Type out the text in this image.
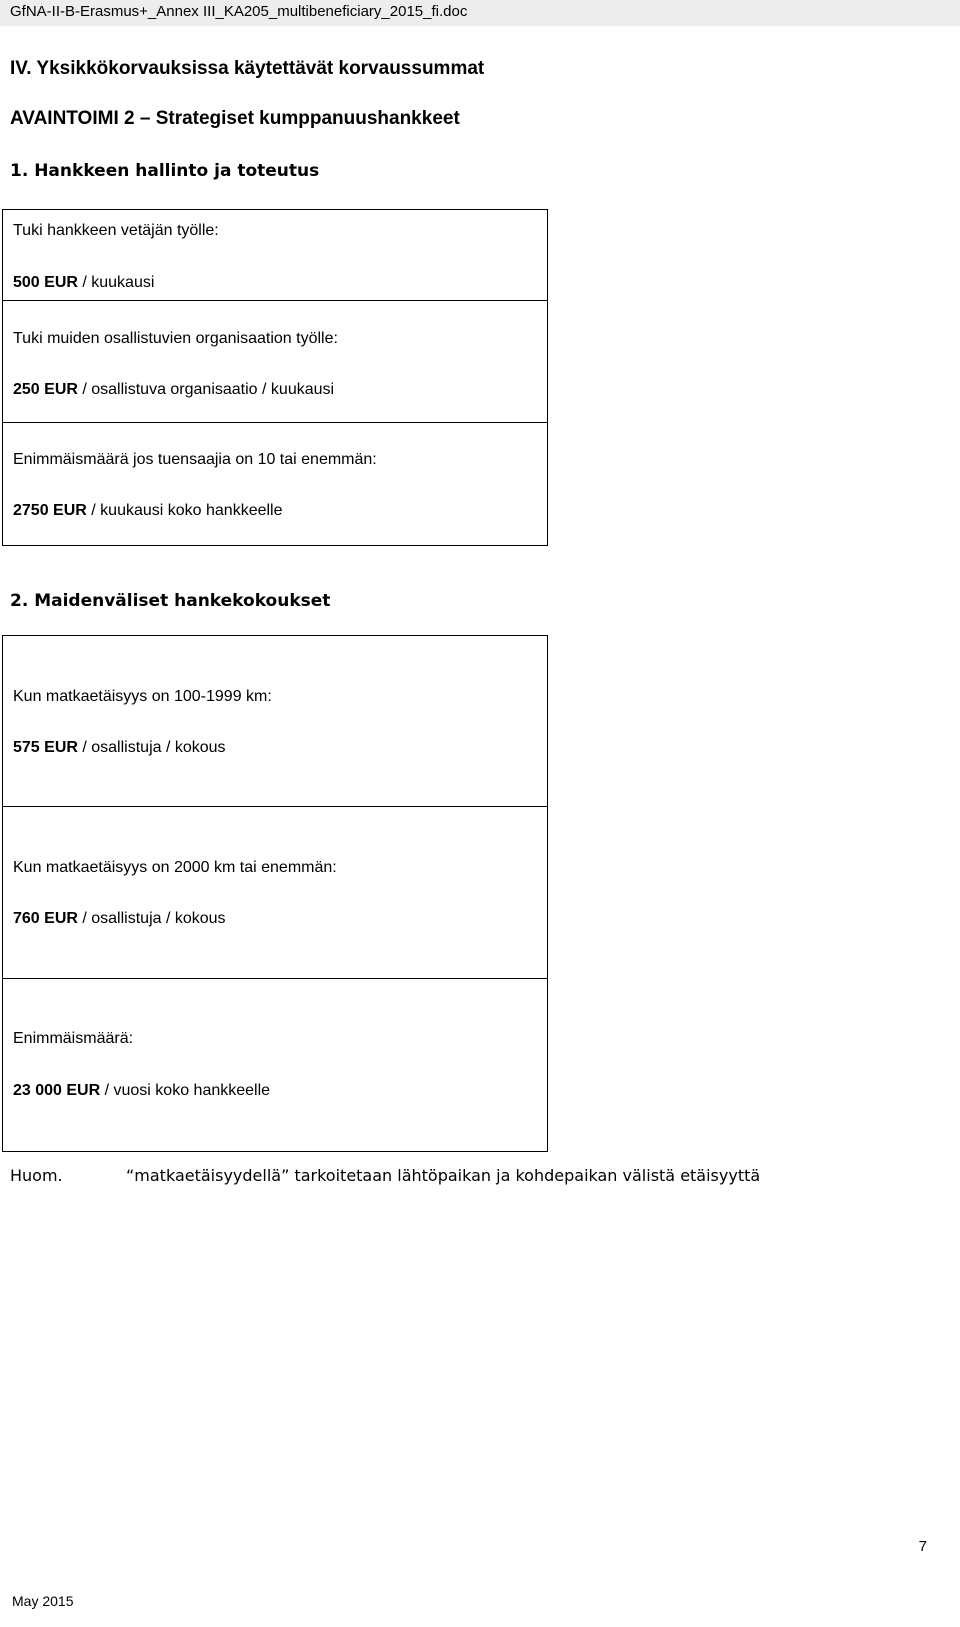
GfNA-II-B-Erasmus+_Annex III_KA205_multibeneficiary_2015_fi.doc
IV. Yksikkökorvauksissa käytettävät korvaussummat
AVAINTOIMI 2 – Strategiset kumppanuushankkeet
1. Hankkeen hallinto ja toteutus
Tuki hankkeen vetäjän työlle:
500 EUR / kuukausi
Tuki muiden osallistuvien organisaation työlle:
250 EUR / osallistuva organisaatio / kuukausi
Enimmäismäärä jos tuensaajia on 10 tai enemmän:
2750 EUR / kuukausi koko hankkeelle
2. Maidenväliset hankekokoukset
Kun matkaetäisyys on 100-1999 km:
575 EUR / osallistuja / kokous
Kun matkaetäisyys on 2000 km tai enemmän:
760 EUR / osallistuja / kokous
Enimmäismäärä:
23 000 EUR / vuosi koko hankkeelle
Huom.	“matkaetäisyydellä” tarkoitetaan lähtöpaikan ja kohdepaikan välistä etäisyyttä
7
May 2015
